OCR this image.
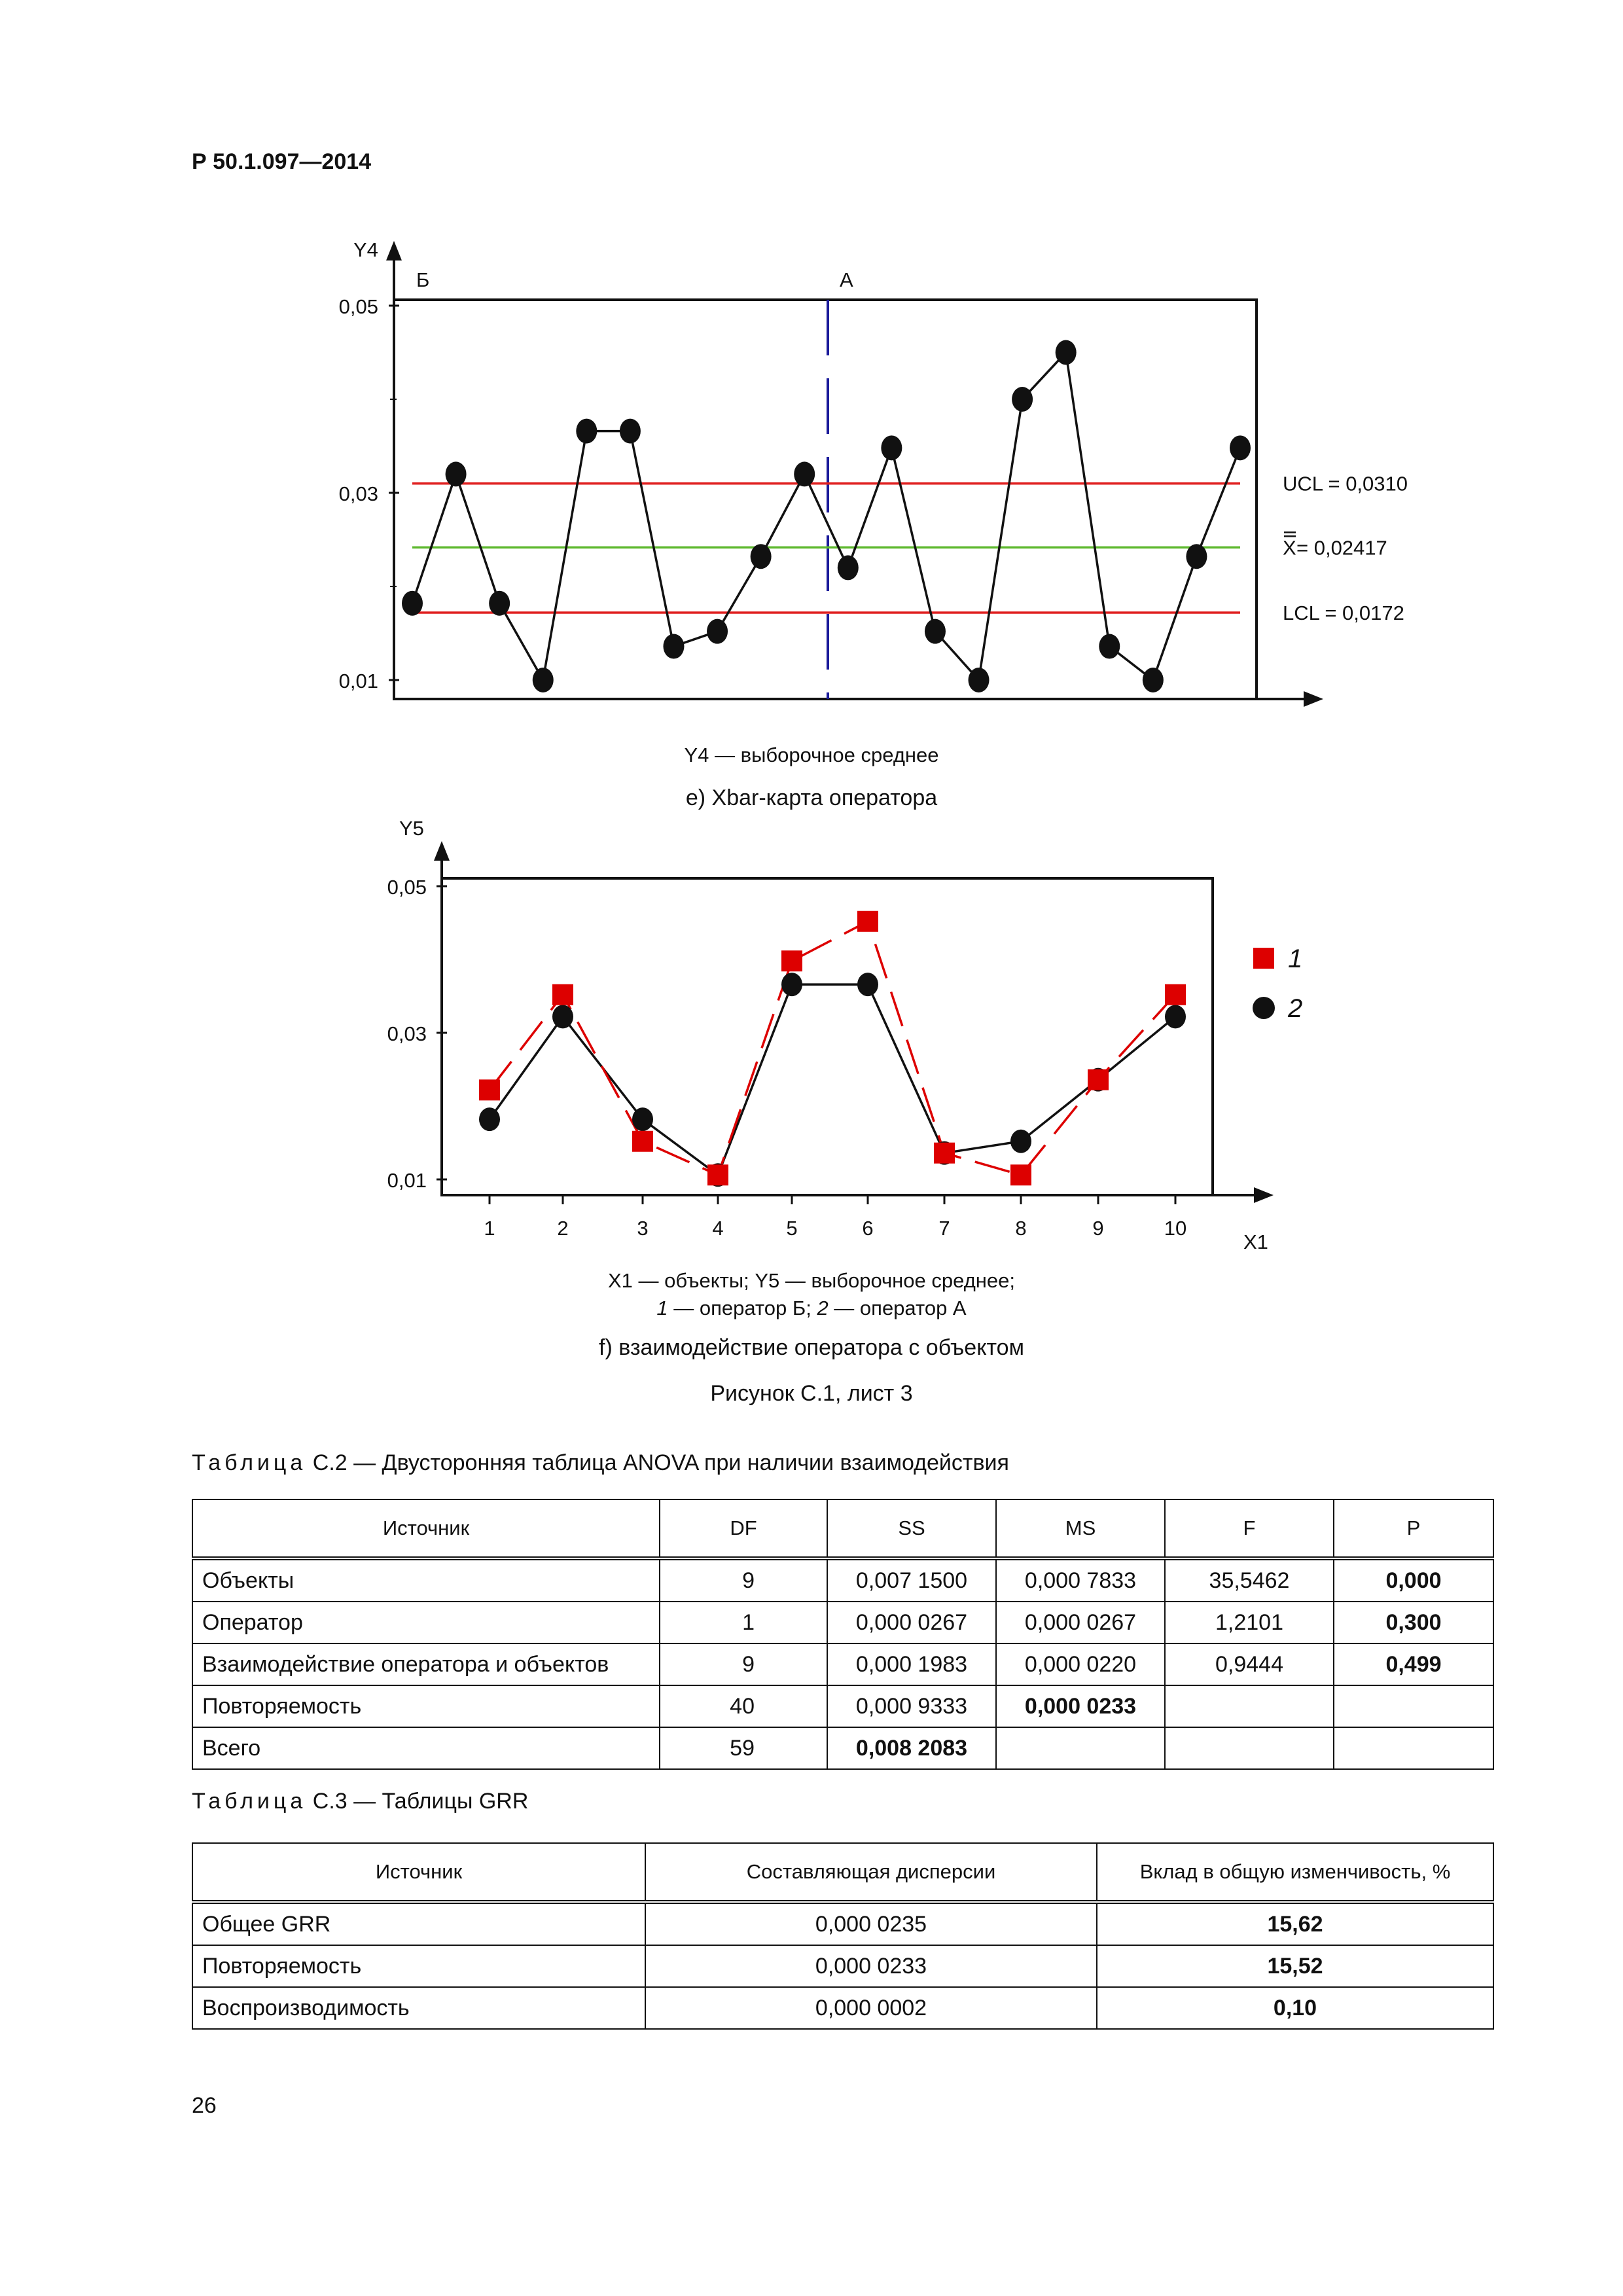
Р 50.1.097—2014
0,05
0,03
0,01
Y4
Б	А
UCL = 0,0310
X = 0,02417
LCL = 0,0172
Y4 — выборочное среднее
e) Xbar-карта оператора
0,05
0,03
0,01
Y5
X1
1	2	3	4	5	6	7	8	9	10
1
2
X1 — объекты; Y5 — выборочное среднее;
1 — оператор Б; 2 — оператор А
f) взаимодействие оператора с объектом
Рисунок С.1, лист 3
Таблица С.2 — Двусторонняя таблица ANOVA при наличии взаимодействия
Источник	DF	SS	MS	F	P
Объекты	9	0,007 1500	0,000 7833	35,5462	0,000
Оператор	1	0,000 0267	0,000 0267	1,2101	0,300
Взаимодействие оператора и объектов	9	0,000 1983	0,000 0220	0,9444	0,499
Повторяемость	40	0,000 9333	0,000 0233		
Всего	59	0,008 2083			
Таблица С.3 — Таблицы GRR
Источник	Составляющая дисперсии	Вклад в общую изменчивость, %
Общее GRR	0,000 0235	15,62
Повторяемость	0,000 0233	15,52
Воспроизводимость	0,000 0002	0,10
26
